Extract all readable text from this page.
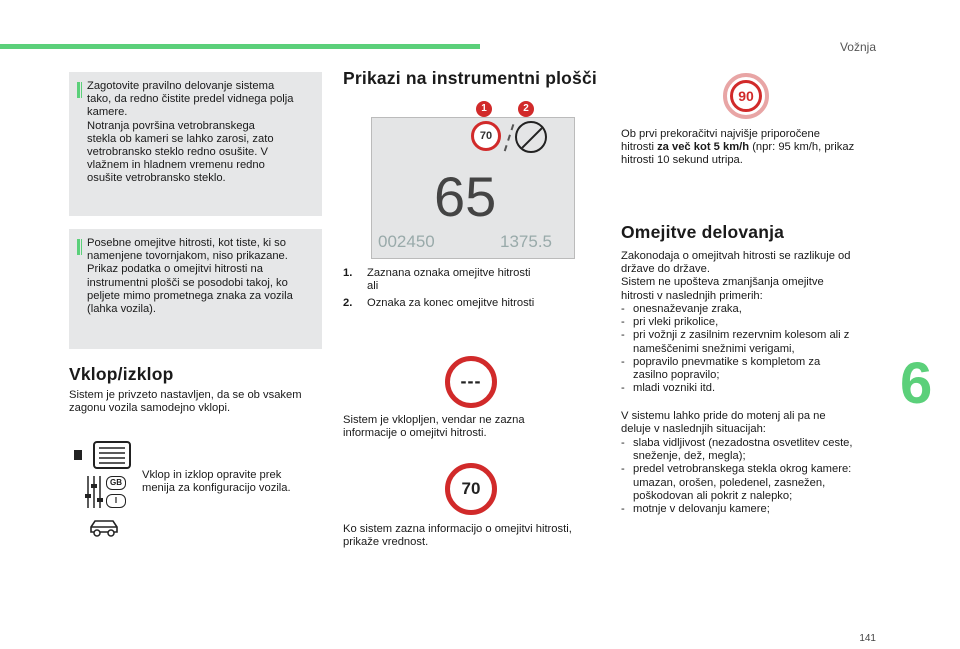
Vožnja
6
141
Zagotovite pravilno delovanje sistema
tako, da redno čistite predel vidnega polja
kamere.
Notranja površina vetrobranskega
stekla ob kameri se lahko zarosi, zato
vetrobransko steklo redno osušite. V
vlažnem in hladnem vremenu redno
osušite vetrobransko steklo.
Posebne omejitve hitrosti, kot tiste, ki so
namenjene tovornjakom, niso prikazane.
Prikaz podatka o omejitvi hitrosti na
instrumentni plošči se posodobi takoj, ko
peljete mimo prometnega znaka za vozila
(lahka vozila).
Vklop/izklop
Sistem je privzeto nastavljen, da se ob vsakem
zagonu vozila samodejno vklopi.
GB
I
Vklop in izklop opravite prek
menija za konfiguracijo vozila.
Prikazi na instrumentni plošči
1	2
70
65
002450	1375.5
1. Zaznana oznaka omejitve hitrosti
ali
2. Oznaka za konec omejitve hitrosti
---
Sistem je vklopljen, vendar ne zazna
informacije o omejitvi hitrosti.
70
Ko sistem zazna informacijo o omejitvi hitrosti,
prikaže vrednost.
90
Ob prvi prekoračitvi najvišje priporočene
hitrosti za več kot 5 km/h (npr: 95 km/h, prikaz
hitrosti 10 sekund utripa.
Omejitve delovanja
Zakonodaja o omejitvah hitrosti se razlikuje od
države do države.
Sistem ne upošteva zmanjšanja omejitve
hitrosti v naslednjih primerih:
- onesnaževanje zraka,
- pri vleki prikolice,
- pri vožnji z zasilnim rezervnim kolesom ali z
nameščenimi snežnimi verigami,
- popravilo pnevmatike s kompletom za
zasilno popravilo;
- mladi vozniki itd.
V sistemu lahko pride do motenj ali pa ne
deluje v naslednjih situacijah:
- slaba vidljivost (nezadostna osvetlitev ceste,
sneženje, dež, megla);
- predel vetrobranskega stekla okrog kamere:
umazan, orošen, poledenel, zasnežen,
poškodovan ali pokrit z nalepko;
- motnje v delovanju kamere;
